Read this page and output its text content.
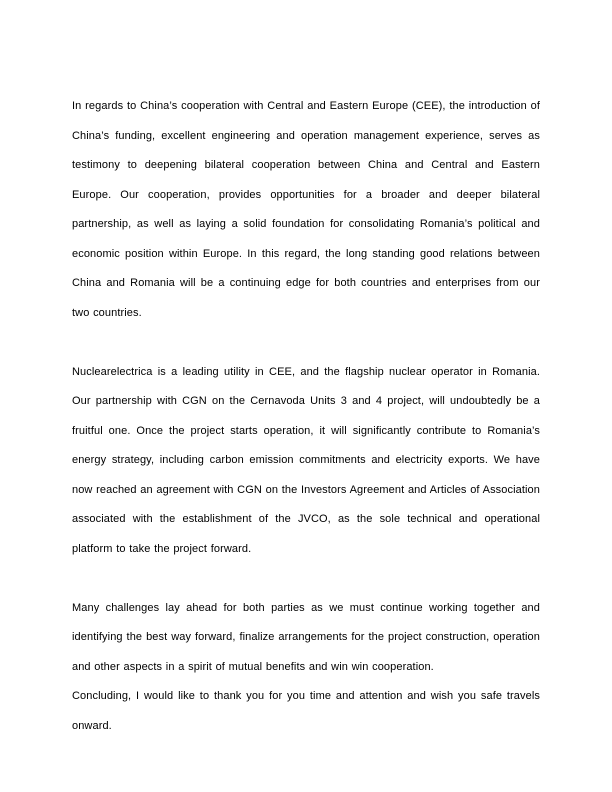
In regards to China’s cooperation with Central and Eastern Europe (CEE), the introduction of China’s funding, excellent engineering and operation management experience, serves as testimony to deepening bilateral cooperation between China and Central and Eastern Europe. Our cooperation, provides opportunities for a broader and deeper bilateral partnership, as well as laying a solid foundation for consolidating Romania’s political and economic position within Europe. In this regard, the long standing good relations between China and Romania will be a continuing edge for both countries and enterprises from our two countries.

Nuclearelectrica is a leading utility in CEE, and the flagship nuclear operator in Romania. Our partnership with CGN on the Cernavoda Units 3 and 4 project, will undoubtedly be a fruitful one. Once the project starts operation, it will significantly contribute to Romania’s energy strategy, including carbon emission commitments and electricity exports. We have now reached an agreement with CGN on the Investors Agreement and Articles of Association associated with the establishment of the JVCO, as the sole technical and operational platform to take the project forward.

Many challenges lay ahead for both parties as we must continue working together and identifying the best way forward, finalize arrangements for the project construction, operation and other aspects in a spirit of mutual benefits and win win cooperation.

Concluding, I would like to thank you for you time and attention and wish you safe travels onward.
